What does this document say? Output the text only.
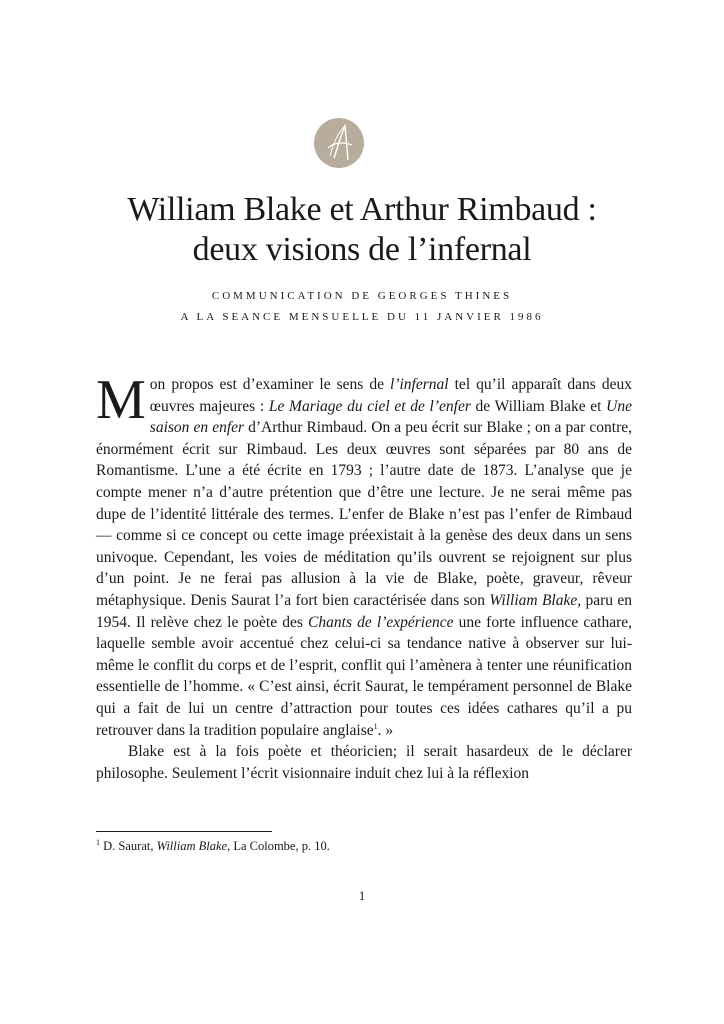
William Blake et Arthur Rimbaud :
deux visions de l’infernal
COMMUNICATION DE GEORGES THINES
A LA SEANCE MENSUELLE DU 11 JANVIER 1986

Mon propos est d’examiner le sens de l’infernal tel qu’il apparaît dans deux œuvres majeures : Le Mariage du ciel et de l’enfer de William Blake et Une saison en enfer d’Arthur Rimbaud. On a peu écrit sur Blake ; on a par contre, énormément écrit sur Rimbaud. Les deux œuvres sont séparées par 80 ans de Romantisme. L’une a été écrite en 1793 ; l’autre date de 1873. L’analyse que je compte mener n’a d’autre prétention que d’être une lecture. Je ne serai même pas dupe de l’identité littérale des termes. L’enfer de Blake n’est pas l’enfer de Rimbaud — comme si ce concept ou cette image préexistait à la genèse des deux dans un sens univoque. Cependant, les voies de méditation qu’ils ouvrent se rejoignent sur plus d’un point. Je ne ferai pas allusion à la vie de Blake, poète, graveur, rêveur métaphysique. Denis Saurat l’a fort bien caractérisée dans son William Blake, paru en 1954. Il relève chez le poète des Chants de l’expérience une forte influence cathare, laquelle semble avoir accentué chez celui-ci sa tendance native à observer sur lui-même le conflit du corps et de l’esprit, conflit qui l’amènera à tenter une réunification essentielle de l’homme. « C’est ainsi, écrit Saurat, le tempérament personnel de Blake qui a fait de lui un centre d’attraction pour toutes ces idées cathares qu’il a pu retrouver dans la tradition populaire anglaise$^1$. »

Blake est à la fois poète et théoricien; il serait hasardeux de le déclarer philosophe. Seulement l’écrit visionnaire induit chez lui à la réflexion

$^1$ D. Saurat, William Blake, La Colombe, p. 10.
1
